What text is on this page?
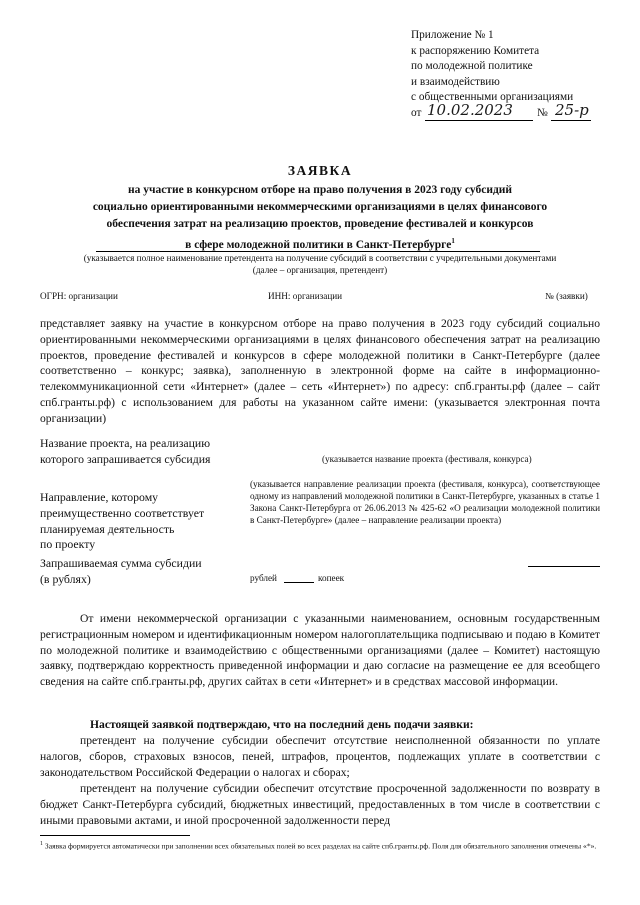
Приложение № 1
к распоряжению Комитета
по молодежной политике
и взаимодействию
с общественными организациями
от 10.02.2023 № 25-р
ЗАЯВКА
на участие в конкурсном отборе на право получения в 2023 году субсидий
социально ориентированными некоммерческими организациями в целях финансового
обеспечения затрат на реализацию проектов, проведение фестивалей и конкурсов
в сфере молодежной политики в Санкт-Петербурге$^1$
(указывается полное наименование претендента на получение субсидий в соответствии с учредительными документами
(далее – организация, претендент)
ОГРН: организации	ИНН: организации	№ (заявки)
представляет заявку на участие в конкурсном отборе на право получения в 2023 году субсидий социально ориентированными некоммерческими организациями в целях финансового обеспечения затрат на реализацию проектов, проведение фестивалей и конкурсов в сфере молодежной политики в Санкт-Петербурге (далее соответственно – конкурс; заявка), заполненную в электронной форме на сайте в информационно-телекоммуникационной сети «Интернет» (далее – сеть «Интернет») по адресу: спб.гранты.рф (далее – сайт спб.гранты.рф) с использованием для работы на указанном сайте имени: (указывается электронная почта организации)
Название проекта, на реализацию
которого запрашивается субсидия	(указывается название проекта (фестиваля, конкурса)
Направление, которому
преимущественно соответствует
планируемая деятельность
по проекту
(указывается направление реализации проекта (фестиваля, конкурса), соответствующее одному из направлений молодежной политики в Санкт-Петербурге, указанных в статье 1 Закона Санкт-Петербурга от 26.06.2013 № 425-62 «О реализации молодежной политики в Санкт-Петербурге» (далее – направление реализации проекта)
Запрашиваемая сумма субсидии
(в рублях)	рублей	копеек
От имени некоммерческой организации с указанными наименованием, основным государственным регистрационным номером и идентификационным номером налогоплательщика подписываю и подаю в Комитет по молодежной политике и взаимодействию с общественными организациями (далее – Комитет) настоящую заявку, подтверждаю корректность приведенной информации и даю согласие на размещение ее для всеобщего сведения на сайте спб.гранты.рф, других сайтах в сети «Интернет» и в средствах массовой информации.
Настоящей заявкой подтверждаю, что на последний день подачи заявки:
претендент на получение субсидии обеспечит отсутствие неисполненной обязанности по уплате налогов, сборов, страховых взносов, пеней, штрафов, процентов, подлежащих уплате в соответствии с законодательством Российской Федерации о налогах и сборах;
претендент на получение субсидии обеспечит отсутствие просроченной задолженности по возврату в бюджет Санкт-Петербурга субсидий, бюджетных инвестиций, предоставленных в том числе в соответствии с иными правовыми актами, и иной просроченной задолженности перед
$^1$ Заявка формируется автоматически при заполнении всех обязательных полей во всех разделах на сайте спб.гранты.рф. Поля для обязательного заполнения отмечены «*».
